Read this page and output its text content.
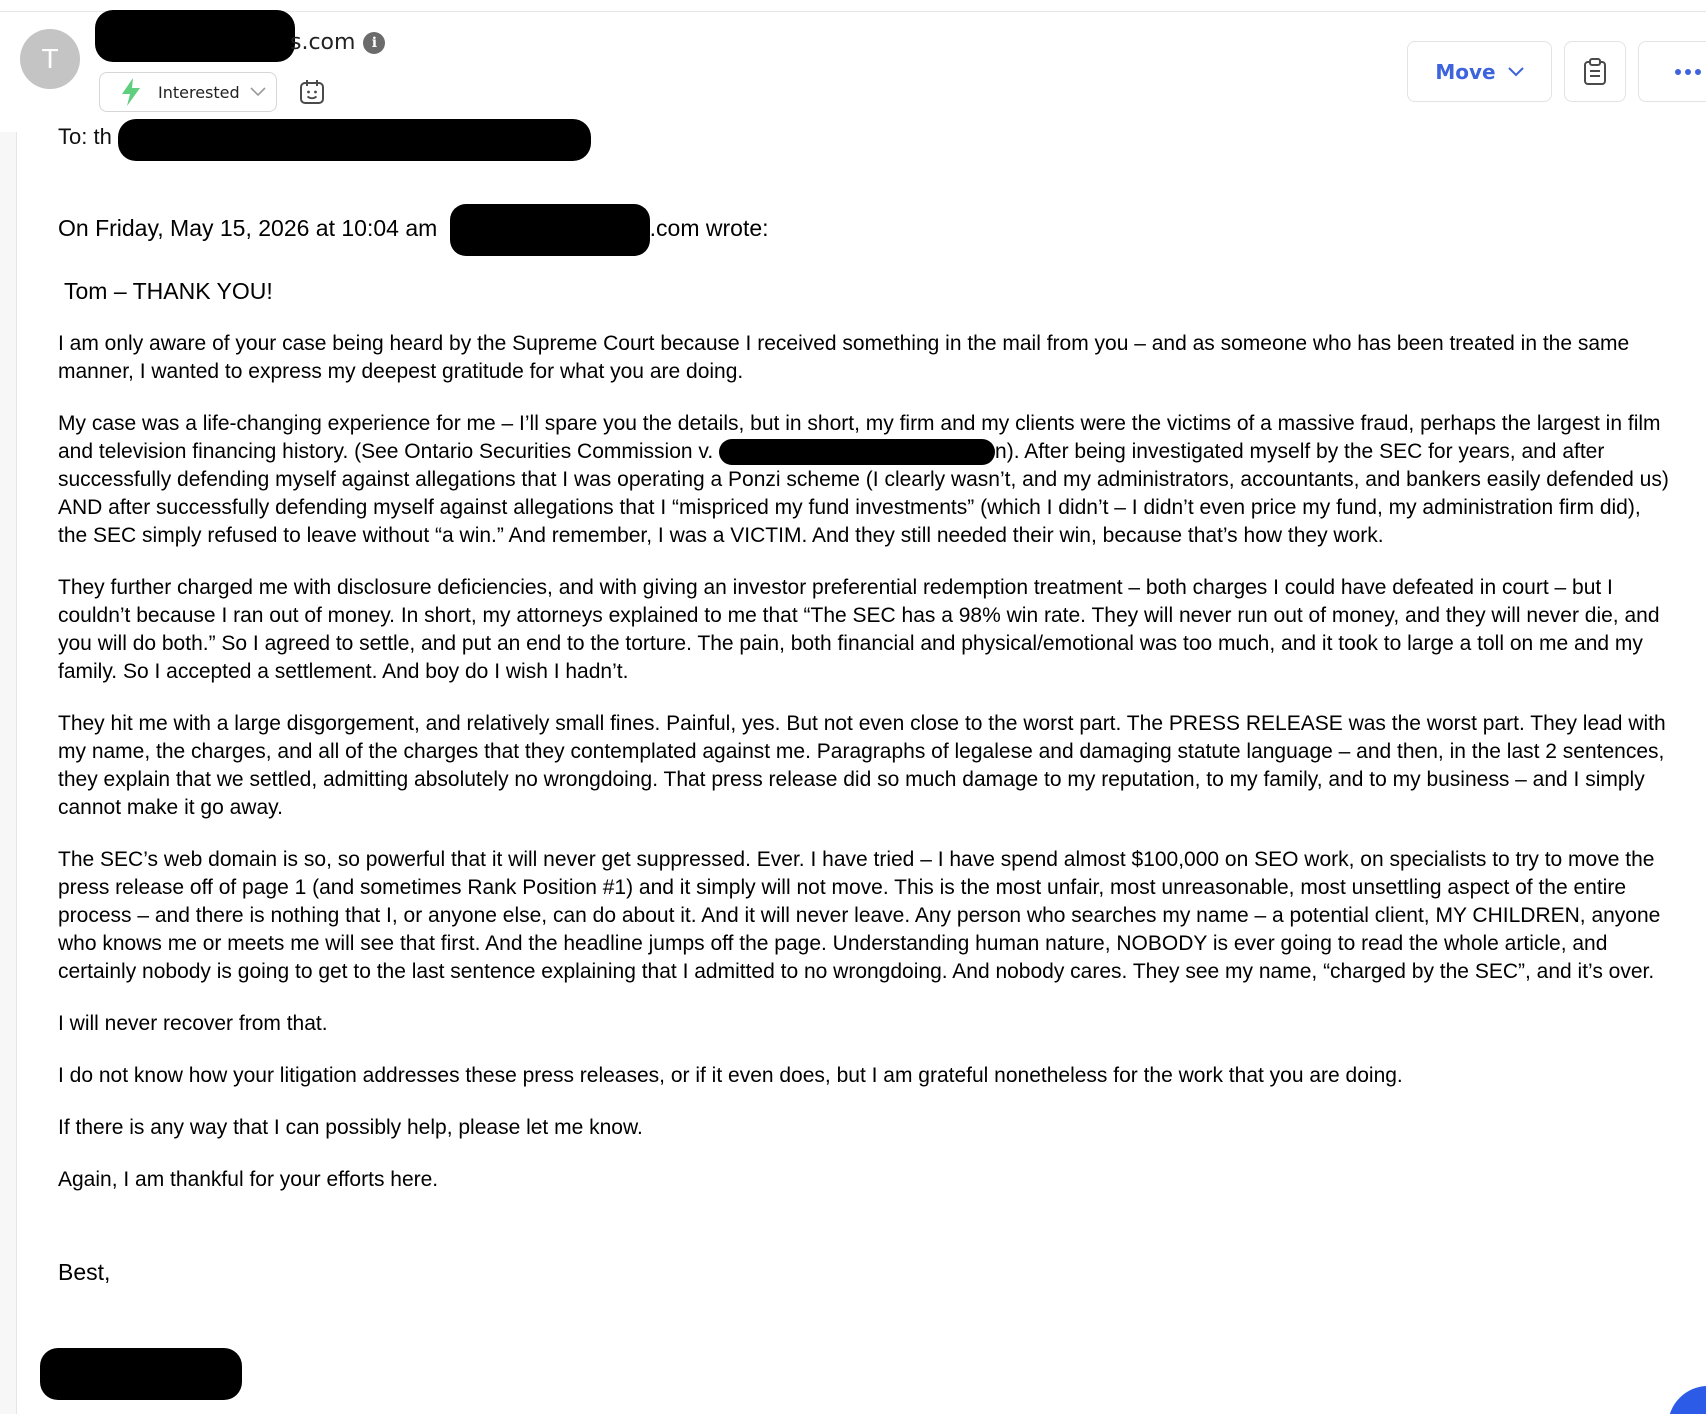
T
s.com	i
Interested
Move
To: th

On Friday, May 15, 2026 at 10:04 am	.com wrote:

Tom – THANK YOU!

I am only aware of your case being heard by the Supreme Court because I received something in the mail from you – and as someone who has been treated in the same manner, I wanted to express my deepest gratitude for what you are doing.

My case was a life-changing experience for me – I’ll spare you the details, but in short, my firm and my clients were the victims of a massive fraud, perhaps the largest in film and television financing history. (See Ontario Securities Commission v.	n). After being investigated myself by the SEC for years, and after successfully defending myself against allegations that I was operating a Ponzi scheme (I clearly wasn’t, and my administrators, accountants, and bankers easily defended us) AND after successfully defending myself against allegations that I “mispriced my fund investments” (which I didn’t – I didn’t even price my fund, my administration firm did), the SEC simply refused to leave without “a win.” And remember, I was a VICTIM. And they still needed their win, because that’s how they work.

They further charged me with disclosure deficiencies, and with giving an investor preferential redemption treatment – both charges I could have defeated in court – but I couldn’t because I ran out of money. In short, my attorneys explained to me that “The SEC has a 98% win rate. They will never run out of money, and they will never die, and you will do both.” So I agreed to settle, and put an end to the torture. The pain, both financial and physical/emotional was too much, and it took to large a toll on me and my family. So I accepted a settlement. And boy do I wish I hadn’t.

They hit me with a large disgorgement, and relatively small fines. Painful, yes. But not even close to the worst part. The PRESS RELEASE was the worst part. They lead with my name, the charges, and all of the charges that they contemplated against me. Paragraphs of legalese and damaging statute language – and then, in the last 2 sentences, they explain that we settled, admitting absolutely no wrongdoing. That press release did so much damage to my reputation, to my family, and to my business – and I simply cannot make it go away.

The SEC’s web domain is so, so powerful that it will never get suppressed. Ever. I have tried – I have spend almost $100,000 on SEO work, on specialists to try to move the press release off of page 1 (and sometimes Rank Position #1) and it simply will not move. This is the most unfair, most unreasonable, most unsettling aspect of the entire process – and there is nothing that I, or anyone else, can do about it. And it will never leave. Any person who searches my name – a potential client, MY CHILDREN, anyone who knows me or meets me will see that first. And the headline jumps off the page. Understanding human nature, NOBODY is ever going to read the whole article, and certainly nobody is going to get to the last sentence explaining that I admitted to no wrongdoing. And nobody cares. They see my name, “charged by the SEC”, and it’s over.

I will never recover from that.

I do not know how your litigation addresses these press releases, or if it even does, but I am grateful nonetheless for the work that you are doing.

If there is any way that I can possibly help, please let me know.

Again, I am thankful for your efforts here.

Best,
